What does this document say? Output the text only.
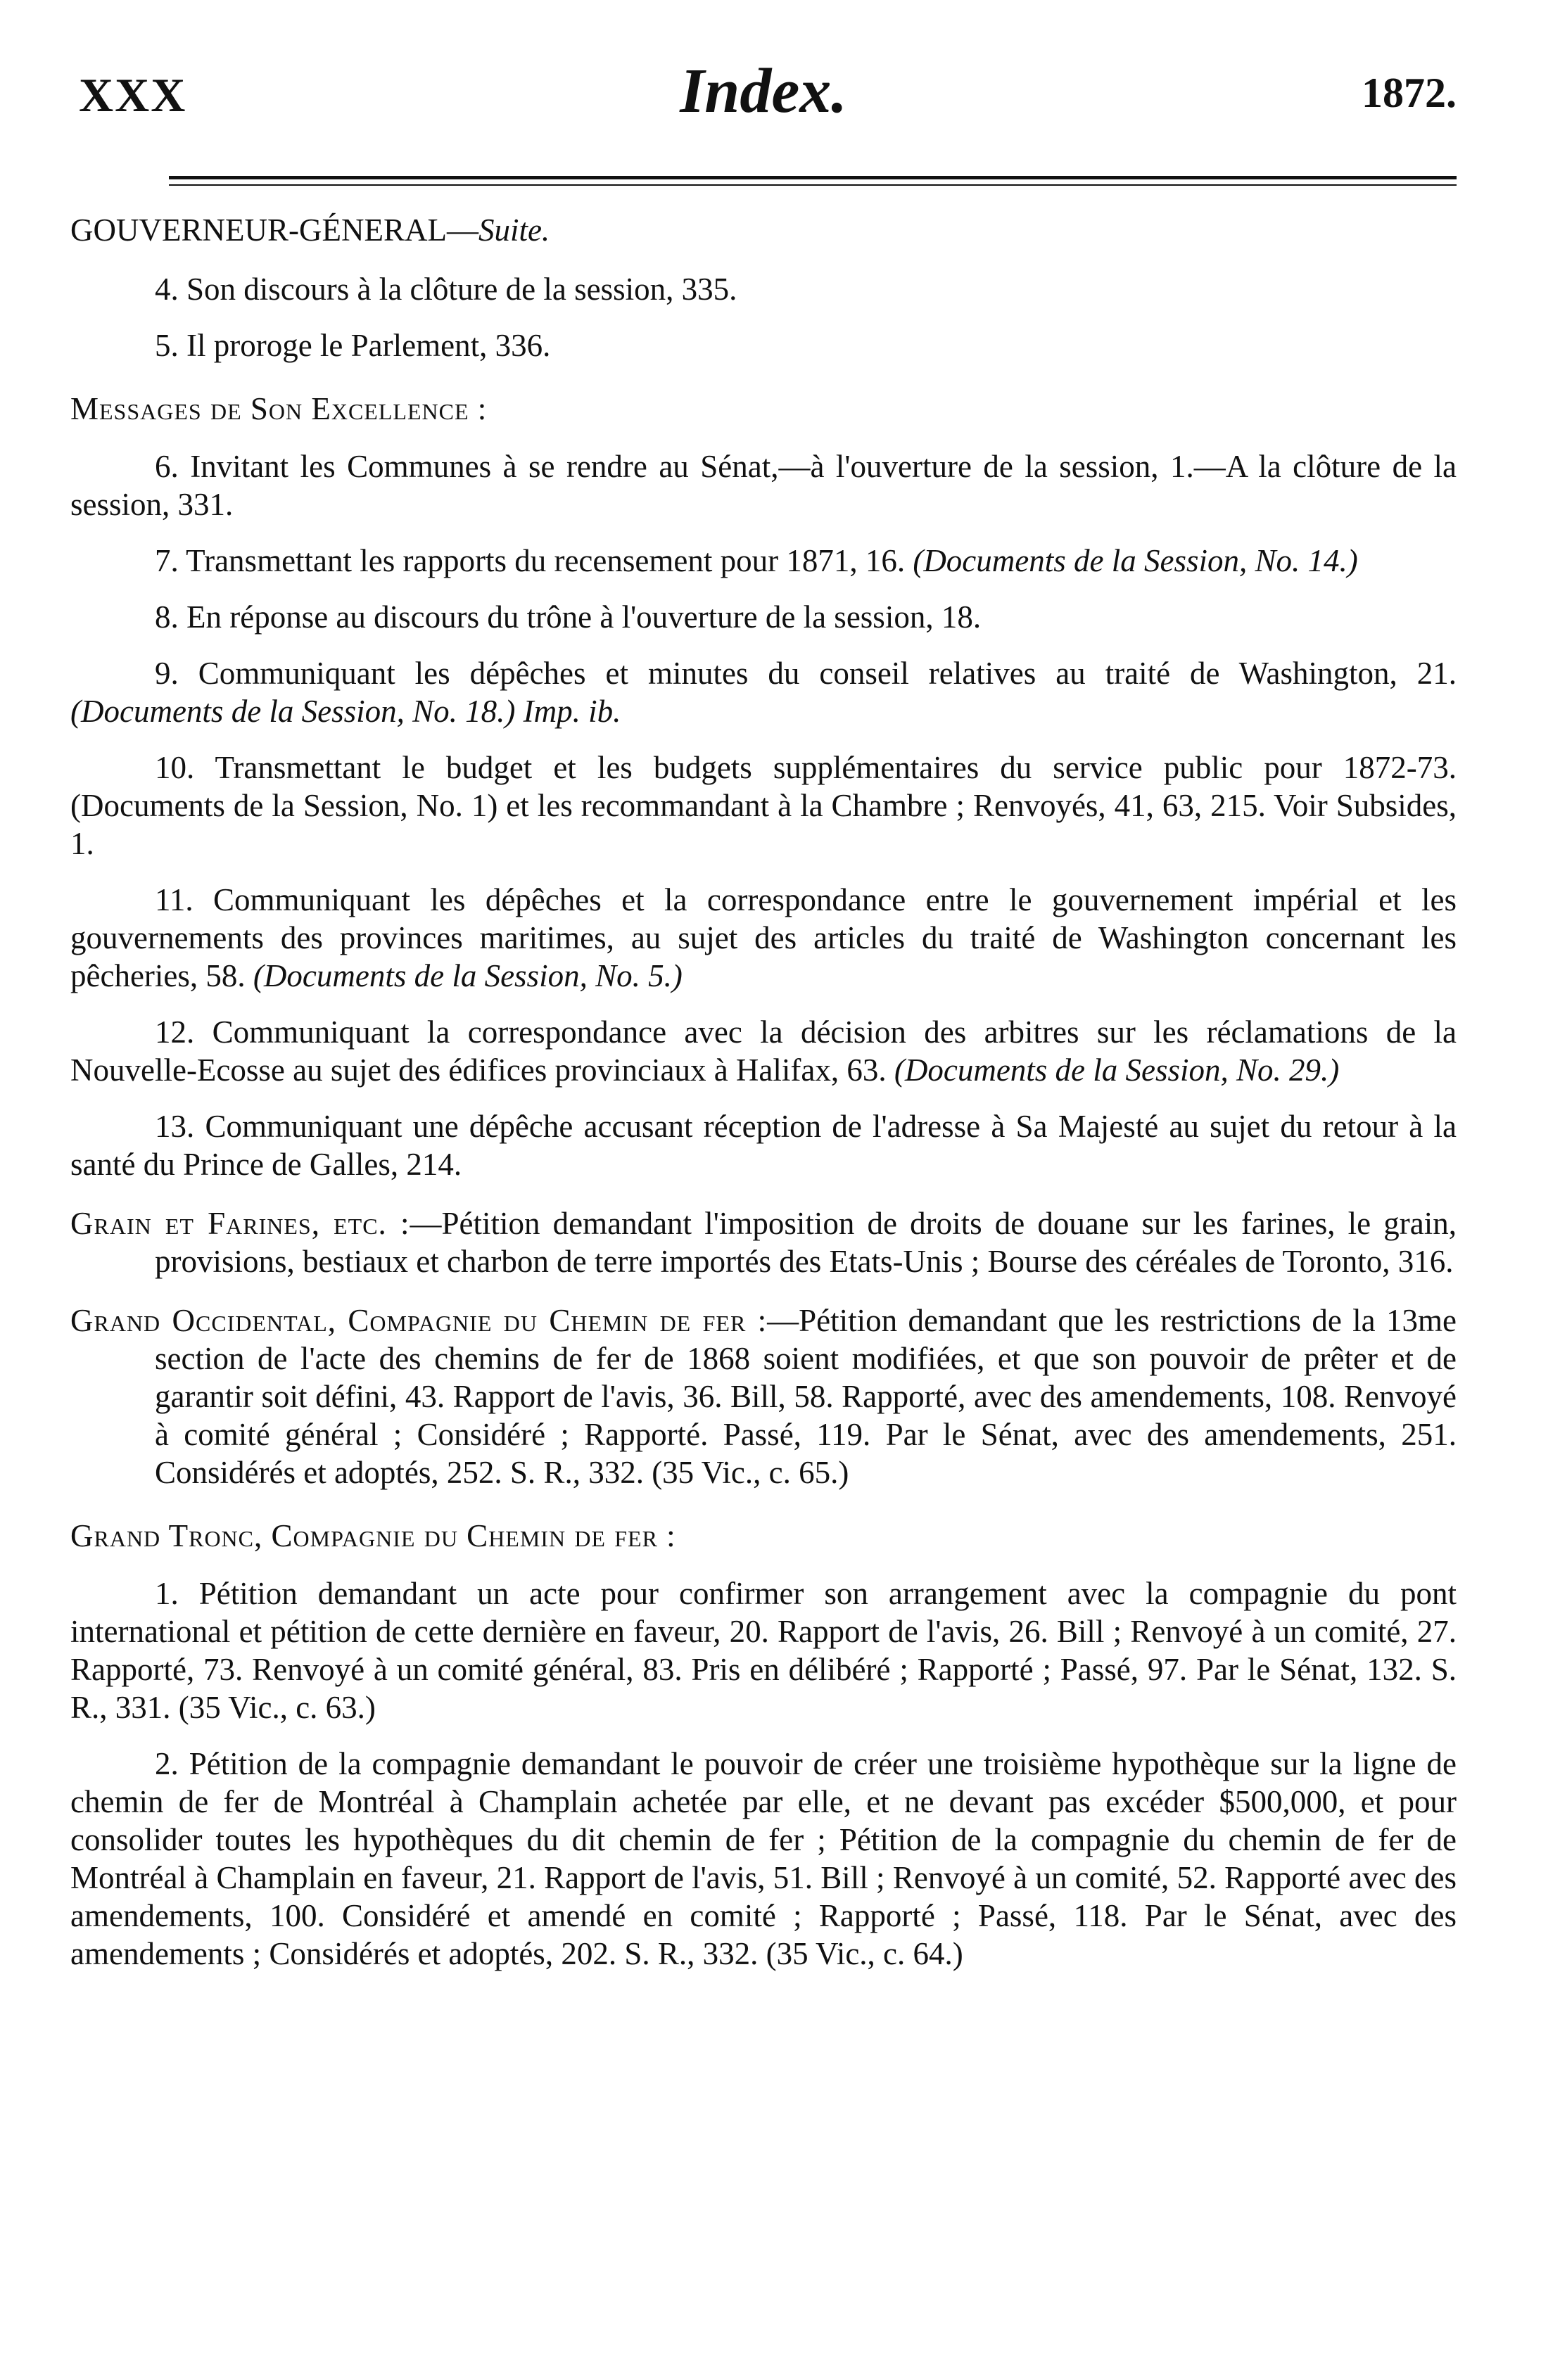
XXX	Index.	1872.

GOUVERNEUR-GÉNERAL—Suite.

4. Son discours à la clôture de la session, 335.

5. Il proroge le Parlement, 336.

Messages de Son Excellence :

6. Invitant les Communes à se rendre au Sénat,—à l'ouverture de la session, 1.—A la clôture de la session, 331.

7. Transmettant les rapports du recensement pour 1871, 16. (Documents de la Session, No. 14.)

8. En réponse au discours du trône à l'ouverture de la session, 18.

9. Communiquant les dépêches et minutes du conseil relatives au traité de Washington, 21. (Documents de la Session, No. 18.) Imp. ib.

10. Transmettant le budget et les budgets supplémentaires du service public pour 1872-73. (Documents de la Session, No. 1) et les recommandant à la Chambre ; Renvoyés, 41, 63, 215. Voir Subsides, 1.

11. Communiquant les dépêches et la correspondance entre le gouvernement impérial et les gouvernements des provinces maritimes, au sujet des articles du traité de Washington concernant les pêcheries, 58. (Documents de la Session, No. 5.)

12. Communiquant la correspondance avec la décision des arbitres sur les réclamations de la Nouvelle-Ecosse au sujet des édifices provinciaux à Halifax, 63. (Documents de la Session, No. 29.)

13. Communiquant une dépêche accusant réception de l'adresse à Sa Majesté au sujet du retour à la santé du Prince de Galles, 214.

Grain et Farines, etc. :—Pétition demandant l'imposition de droits de douane sur les farines, le grain, provisions, bestiaux et charbon de terre importés des Etats-Unis ; Bourse des céréales de Toronto, 316.

Grand Occidental, Compagnie du Chemin de fer :—Pétition demandant que les restrictions de la 13me section de l'acte des chemins de fer de 1868 soient modifiées, et que son pouvoir de prêter et de garantir soit défini, 43. Rapport de l'avis, 36. Bill, 58. Rapporté, avec des amendements, 108. Renvoyé à comité général ; Considéré ; Rapporté. Passé, 119. Par le Sénat, avec des amendements, 251. Considérés et adoptés, 252. S. R., 332. (35 Vic., c. 65.)

Grand Tronc, Compagnie du Chemin de fer :

1. Pétition demandant un acte pour confirmer son arrangement avec la compagnie du pont international et pétition de cette dernière en faveur, 20. Rapport de l'avis, 26. Bill ; Renvoyé à un comité, 27. Rapporté, 73. Renvoyé à un comité général, 83. Pris en délibéré ; Rapporté ; Passé, 97. Par le Sénat, 132. S. R., 331. (35 Vic., c. 63.)

2. Pétition de la compagnie demandant le pouvoir de créer une troisième hypothèque sur la ligne de chemin de fer de Montréal à Champlain achetée par elle, et ne devant pas excéder $500,000, et pour consolider toutes les hypothèques du dit chemin de fer ; Pétition de la compagnie du chemin de fer de Montréal à Champlain en faveur, 21. Rapport de l'avis, 51. Bill ; Renvoyé à un comité, 52. Rapporté avec des amendements, 100. Considéré et amendé en comité ; Rapporté ; Passé, 118. Par le Sénat, avec des amendements ; Considérés et adoptés, 202. S. R., 332. (35 Vic., c. 64.)
